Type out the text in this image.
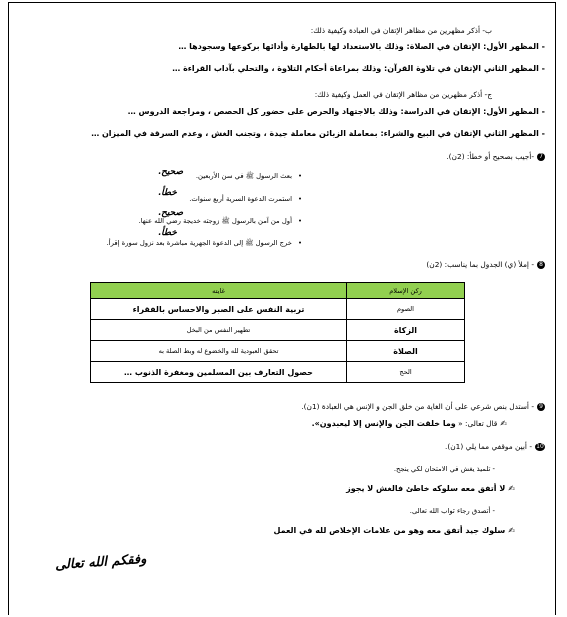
ب- أذكر مظهرين من مظاهر الإتقان في العبادة وكيفية ذلك:
- المظهر الأول: الإتقان في الصلاة: وذلك بالاستعداد لها بالطهارة وأدائها بركوعها وسجودها …
- المظهر الثاني الإتقان في تلاوة القرآن: وذلك بمراعاة أحكام التلاوة ، والتحلي بآداب القراءة …
ج- أذكر مظهرين من مظاهر الإتقان في العمل وكيفية ذلك:
- المظهر الأول: الإتقان في الدراسة: وذلك بالاجتهاد والحرص على حضور كل الحصص ، ومراجعة الدروس …
- المظهر الثاني الإتقان في البيع والشراء: بمعاملة الزبائن معاملة جيدة ، وتجنب الغش ، وعدم السرقة في الميزان …
7-أجيب بصحيح أو خطأ: (2ن).
• بعث الرسول ﷺ في سن الأربعين.
صحيح.
• استمرت الدعوة السرية أربع سنوات.
خطأ.
• أول من آمن بالرسول ﷺ زوجته خديجة رضي الله عنها.
صحيح.
• خرج الرسول ﷺ إلى الدعوة الجهرية مباشرة بعد نزول سورة إقرأ.
خطأ.
8- إملأ (ي) الجدول بما يناسب: (2ن)
ركن الإسلام	غايته
الصوم	تربية النفس على الصبر والاحساس بالفقراء
الزكاة	تطهير النفس من البخل
الصلاة	تحقق العبودية لله والخضوع له وبط الصلة به
الحج	حصول التعارف بين المسلمين ومغفرة الذنوب …
9- أستدل بنص شرعي على أن الغاية من خلق الجن و الإنس هي العبادة (1ن).
✍قال تعالى: « وما خلقت الجن والإنس إلا ليعبدون».
10- أبين موقفي مما يلي (1ن).
- تلميذ يغش في الامتحان لكي ينجح.
✍لا أتفق معه سلوكه خاطئ فالغش لا يجوز
- أتصدق رجاء ثواب الله تعالى.
✍سلوك جيد أتفق معه وهو من علامات الإخلاص لله في العمل
وفقكم الله تعالى
